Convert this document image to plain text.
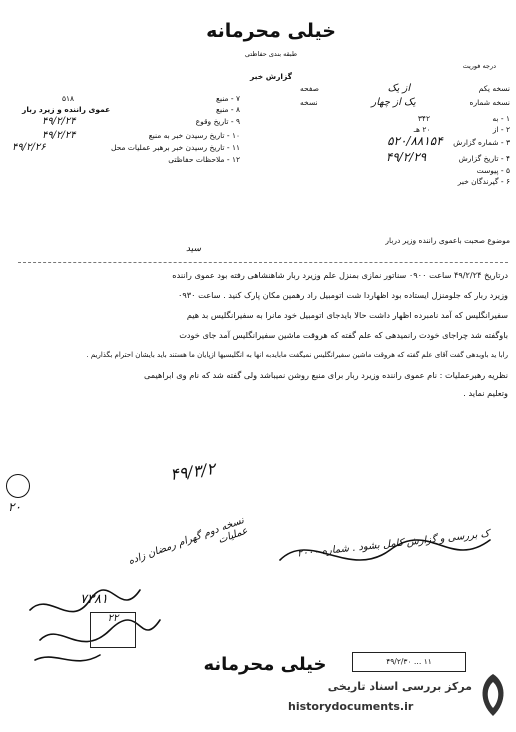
خیلی محرمانه
طبقه بندی حفاظتی
گزارش خبر
درجه فوریت
نسخه یکم
از یک
صفحه
نسخه شماره
یک از چهار
نسخه
۱ - به ۳۴۲
۲ - از ۲۰ هـ
۳ - شماره گزارش ۵۲۰/۸۸۱۵۴
۴ - تاریخ گزارش ۴۹/۲/۲۹
۵ - پیوست
۶ - گیرندگان خبر
۷ - منبع
۵۱۸
۸ - منبع
عموی راننده و زیرد ربار
۹ - تاریخ وقوع
۴۹/۲/۲۴
۱۰ - تاریخ رسیدن خبر به منبع
۴۹/۲/۲۴
۱۱ - تاریخ رسیدن خبر برهبر عملیات محل
۴۹/۲/۲۶
۱۲ - ملاحظات حفاظتی
موضوع صحبت باعموی راننده وزیر دربار
سید
درتاریخ ۴۹/۲/۲۴ ساعت ۰۹۰۰ سناتور نمازی بمنزل علم وزیرد ربار شاهنشاهی رفته بود عموی راننده
وزیرد ربار که جلومنزل ایستاده بود اظهاردا شت اتومبیل راد رهمین مکان پارک کنید . ساعت ۰۹۳۰
سفیرانگلیس که آمد نامبرده اظهار داشت حالا بایدجای اتومبیل خود مانرا به سفیرانگلیس بد هیم
باوگفته شد چراجای خودت رانمیدهی که علم گفته که هروقت ماشین سفیرانگلیس آمد جای خودت
رابا ید باوبدهی گفت آقای علم گفته که هروقت ماشین سفیرانگلیس نمیگفت مابایدبه انها به انگلیسیها ازپایان ما هستند باید بایشان احترام بگذاریم .
نظریه رهبرعملیات : نام عموی راننده وزیرد ربار برای منبع روشن نمیباشد ولی گفته شد که نام وی ابراهیمی
وتعلیم نماید .
۴۹/۳/۲
نسخه دوم گهرام رمضان زاده عملیات
ک بررسی و گزارش کامل بشود . شماره ۲۰۰۰
۷۳۸۱
۲۰
۲۲
خیلی محرمانه	۴۹/۲/۳۰ … ۱۱
مرکز بررسی اسناد تاریخی
historydocuments.ir
